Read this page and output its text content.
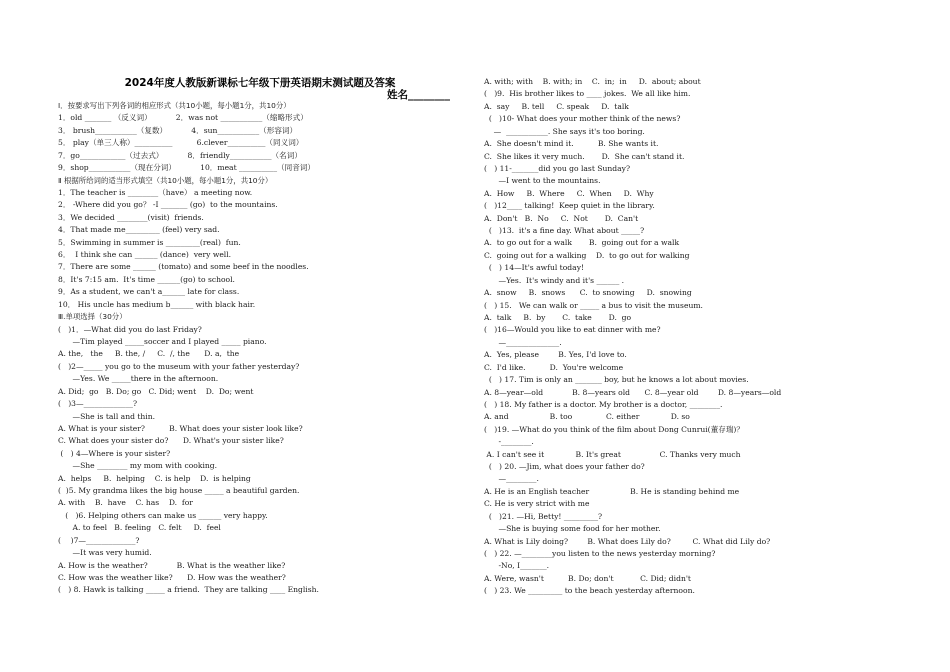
2024年度人教版新课标七年级下册英语期末测试题及答案
姓名________
Ⅰ．按要求写出下列各词的相应形式（共10小题，每小题1分，共10分）
1．old _______ （反义词）          2．was not ___________（缩略形式）
3． brush___________（复数）          4．sun___________（形容词）
5． play（单三人称）__________          6.clever__________（同义词）
7．go____________（过去式）          8．friendly___________（名词）
9．shop___________（现在分词）          10．meat __________（同音词）
Ⅱ 根据所给词的适当形式填空（共10小题，每小题1分，共10分）
1．The teacher is ________（have） a meeting now.
2． -Where did you go？ -I _______ (go)  to the mountains.
3．We decided ________(visit)  friends.
4．That made me_________ (feel) very sad.
5．Swimming in summer is _________(real)  fun.
6．  I think she can ______ (dance)  very well.
7．There are some ______ (tomato) and some beef in the noodles.
8．It's 7:15 am.  It's time ______(go) to school.
9．As a student, we can't a______ late for class.
10． His uncle has medium b______ with black hair.
Ⅲ.单项选择（30分）
(   )1．—What did you do last Friday?
—Tim played _____soccer and I played _____ piano.
A. the,   the     B. the, /     C.  /, the      D. a,  the
(   )2—_____ you go to the museum with your father yesterday?
—Yes. We _____there in the afternoon.
A. Did;  go   B. Do; go   C. Did; went    D.  Do; went
(   )3—_____________?
—She is tall and thin.
A. What is your sister?          B. What does your sister look like?
C. What does your sister do?      D. What's your sister like?
(   ) 4—Where is your sister?
—She ________ my mom with cooking.
A.  helps     B.  helping    C. is help    D.  is helping
(  )5. My grandma likes the big house _____ a beautiful garden.
A. with    B.  have    C. has    D.  for
(   )6. Helping others can make us ______ very happy.
A. to feel   B. feeling   C. felt     D.  feel
(    )7—_____________?
—It was very humid.
A. How is the weather?            B. What is the weather like?
C. How was the weather like?      D. How was the weather?
(   ) 8. Hawk is talking _____ a friend.  They are talking ____ English.
A. with; with    B. with; in    C.  in;  in     D.  about; about
(   )9.  His brother likes to ____ jokes.  We all like him.
A.  say     B. tell     C. speak     D.  talk
(   )10- What does your mother think of the news?
—  ___________. She says it's too boring.
A.  She doesn't mind it.          B. She wants it.
C.  She likes it very much.       D.  She can't stand it.
(   ) 11-_______did you go last Sunday?
—I went to the mountains.
A.  How     B.  Where     C.  When     D.  Why
(   )12____ talking!  Keep quiet in the library.
A.  Don't   B.  No     C.  Not       D.  Can't
(   )13.  it's a fine day. What about _____?
A.  to go out for a walk       B.  going out for a walk
C.  going out for a walking    D.  to go out for walking
(   ) 14—It's awful today!
—Yes.  It's windy and it's ______ .
A.  snow     B.  snows      C.  to snowing     D.  snowing
(   ) 15.   We can walk or _____ a bus to visit the museum.
A.  talk     B.  by       C.  take       D.  go
(   )16—Would you like to eat dinner with me?
—______________.
A.  Yes, please        B. Yes, I'd love to.
C.  I'd like.          D.  You're welcome
(   ) 17. Tim is only an _______ boy, but he knows a lot about movies.
A. 8—year—old            B. 8—years old      C. 8—year old        D. 8—years—old
(   ) 18. My father is a doctor. My brother is a doctor, ________.
A. and                 B. too              C. either             D. so
(   )19. —What do you think of the film about Dong Cunrui(董存瑞)？
-________.
A. I can't see it             B. It's great                C. Thanks very much
(   ) 20. —Jim, what does your father do?
—________.
A. He is an English teacher                 B. He is standing behind me
C. He is very strict with me
(   )21. —Hi, Betty! _________?
—She is buying some food for her mother.
A. What is Lily doing?        B. What does Lily do?         C. What did Lily do?
(   ) 22. —________you listen to the news yesterday morning?
-No, I_______.
A. Were, wasn't          B. Do; don't           C. Did; didn't
(   ) 23. We _________ to the beach yesterday afternoon.
